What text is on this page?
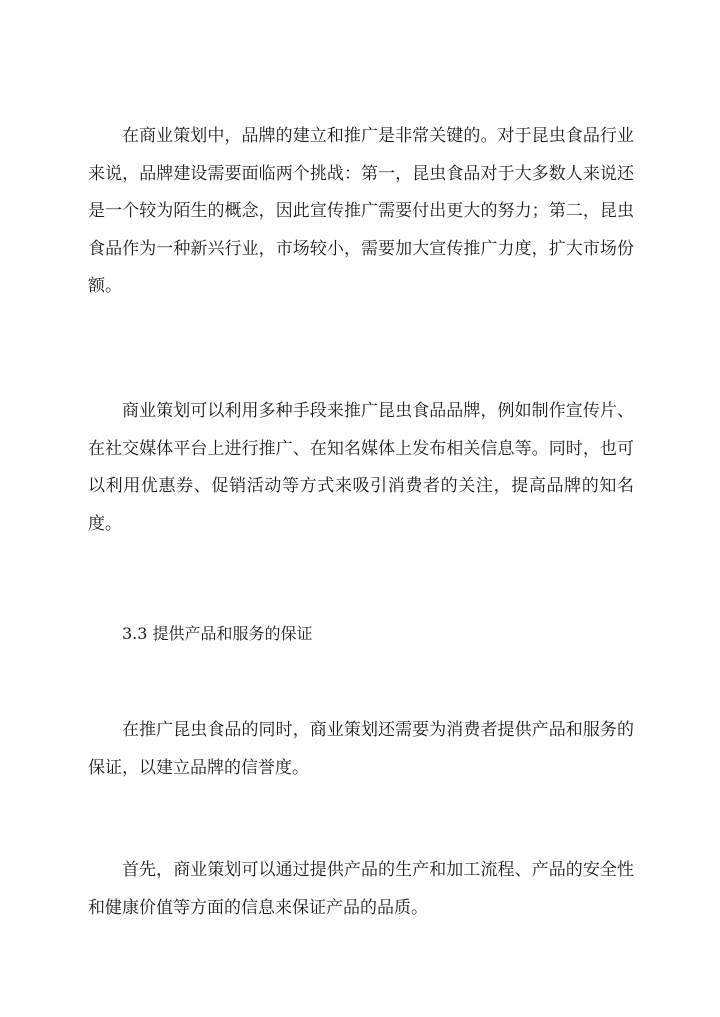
在商业策划中，品牌的建立和推广是非常关键的。对于昆虫食品行业来说，品牌建设需要面临两个挑战：第一，昆虫食品对于大多数人来说还是一个较为陌生的概念，因此宣传推广需要付出更大的努力；第二，昆虫食品作为一种新兴行业，市场较小，需要加大宣传推广力度，扩大市场份额。

商业策划可以利用多种手段来推广昆虫食品品牌，例如制作宣传片、在社交媒体平台上进行推广、在知名媒体上发布相关信息等。同时，也可以利用优惠券、促销活动等方式来吸引消费者的关注，提高品牌的知名度。

3.3 提供产品和服务的保证

在推广昆虫食品的同时，商业策划还需要为消费者提供产品和服务的保证，以建立品牌的信誉度。

首先，商业策划可以通过提供产品的生产和加工流程、产品的安全性和健康价值等方面的信息来保证产品的品质。
